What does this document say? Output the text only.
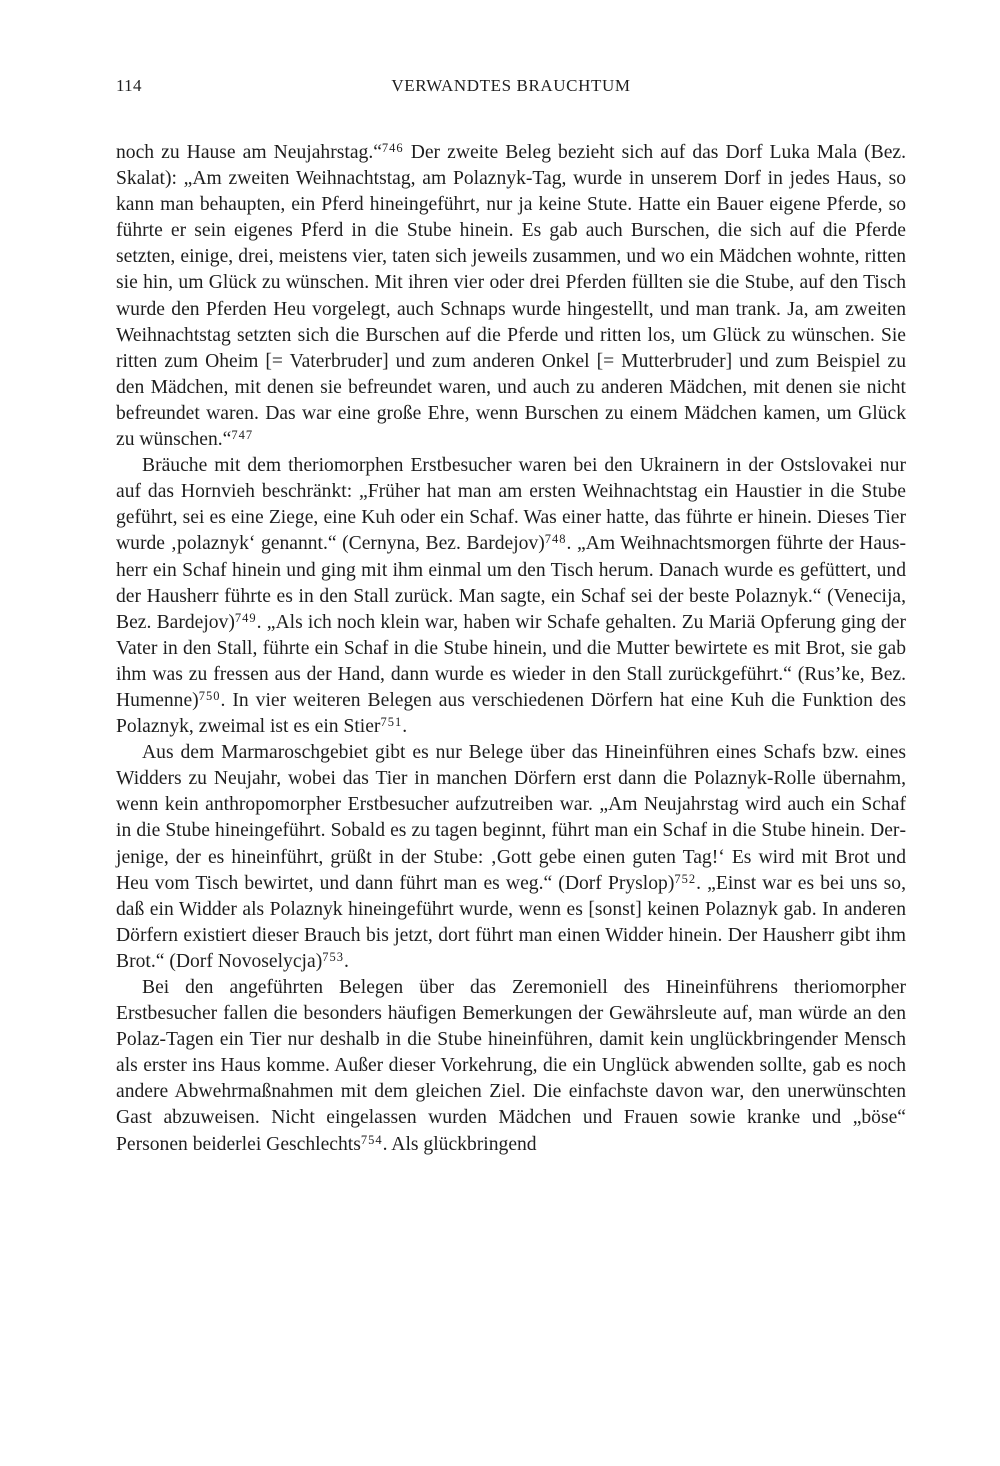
114	VERWANDTES BRAUCHTUM

noch zu Hause am Neujahrstag.“$^{746}$ Der zweite Beleg bezieht sich auf das Dorf Luka Mala (Bez. Skalat): „Am zweiten Weihnachtstag, am Polaznyk-Tag, wurde in unserem Dorf in jedes Haus, so kann man behaupten, ein Pferd hineingeführt, nur ja keine Stute. Hatte ein Bauer eigene Pferde, so führte er sein eigenes Pferd in die Stube hinein. Es gab auch Burschen, die sich auf die Pferde setzten, einige, drei, meistens vier, taten sich jeweils zusammen, und wo ein Mädchen wohnte, ritten sie hin, um Glück zu wünschen. Mit ihren vier oder drei Pferden füllten sie die Stube, auf den Tisch wurde den Pferden Heu vorgelegt, auch Schnaps wurde hingestellt, und man trank. Ja, am zweiten Weihnachtstag setzten sich die Burschen auf die Pferde und ritten los, um Glück zu wünschen. Sie ritten zum Oheim [= Vaterbruder] und zum anderen Onkel [= Mutterbruder] und zum Beispiel zu den Mädchen, mit denen sie befreundet waren, und auch zu anderen Mädchen, mit denen sie nicht befreundet waren. Das war eine große Ehre, wenn Burschen zu einem Mädchen kamen, um Glück zu wünschen.“$^{747}$

Bräuche mit dem theriomorphen Erstbesucher waren bei den Ukrainern in der Ostslovakei nur auf das Hornvieh beschränkt: „Früher hat man am ersten Weihnachtstag ein Haustier in die Stube geführt, sei es eine Ziege, eine Kuh oder ein Schaf. Was einer hatte, das führte er hinein. Dieses Tier wurde ‚polaznyk‘ genannt.“ (Cernyna, Bez. Bardejov)$^{748}$. „Am Weihnachtsmorgen führte der Hausherr ein Schaf hinein und ging mit ihm einmal um den Tisch herum. Danach wurde es gefüttert, und der Hausherr führte es in den Stall zurück. Man sagte, ein Schaf sei der beste Polaznyk.“ (Venecija, Bez. Bardejov)$^{749}$. „Als ich noch klein war, haben wir Schafe gehalten. Zu Mariä Opferung ging der Vater in den Stall, führte ein Schaf in die Stube hinein, und die Mutter bewirtete es mit Brot, sie gab ihm was zu fressen aus der Hand, dann wurde es wieder in den Stall zurückgeführt.“ (Rus’ke, Bez. Humenne)$^{750}$. In vier weiteren Belegen aus verschiedenen Dörfern hat eine Kuh die Funktion des Polaznyk, zweimal ist es ein Stier$^{751}$.

Aus dem Marmaroschgebiet gibt es nur Belege über das Hineinführen eines Schafs bzw. eines Widders zu Neujahr, wobei das Tier in manchen Dörfern erst dann die Polaznyk-Rolle übernahm, wenn kein anthropomorpher Erstbesucher aufzutreiben war. „Am Neujahrstag wird auch ein Schaf in die Stube hineingeführt. Sobald es zu tagen beginnt, führt man ein Schaf in die Stube hinein. Derjenige, der es hineinführt, grüßt in der Stube: ‚Gott gebe einen guten Tag!‘ Es wird mit Brot und Heu vom Tisch bewirtet, und dann führt man es weg.“ (Dorf Pryslop)$^{752}$. „Einst war es bei uns so, daß ein Widder als Polaznyk hineingeführt wurde, wenn es [sonst] keinen Polaznyk gab. In anderen Dörfern existiert dieser Brauch bis jetzt, dort führt man einen Widder hinein. Der Hausherr gibt ihm Brot.“ (Dorf Novoselycja)$^{753}$.

Bei den angeführten Belegen über das Zeremoniell des Hineinführens theriomorpher Erstbesucher fallen die besonders häufigen Bemerkungen der Gewährsleute auf, man würde an den Polaz-Tagen ein Tier nur deshalb in die Stube hineinführen, damit kein unglückbringender Mensch als erster ins Haus komme. Außer dieser Vorkehrung, die ein Unglück abwenden sollte, gab es noch andere Abwehrmaßnahmen mit dem gleichen Ziel. Die einfachste davon war, den unerwünschten Gast abzuweisen. Nicht eingelassen wurden Mädchen und Frauen sowie kranke und „böse“ Personen beiderlei Geschlechts$^{754}$. Als glückbringend
